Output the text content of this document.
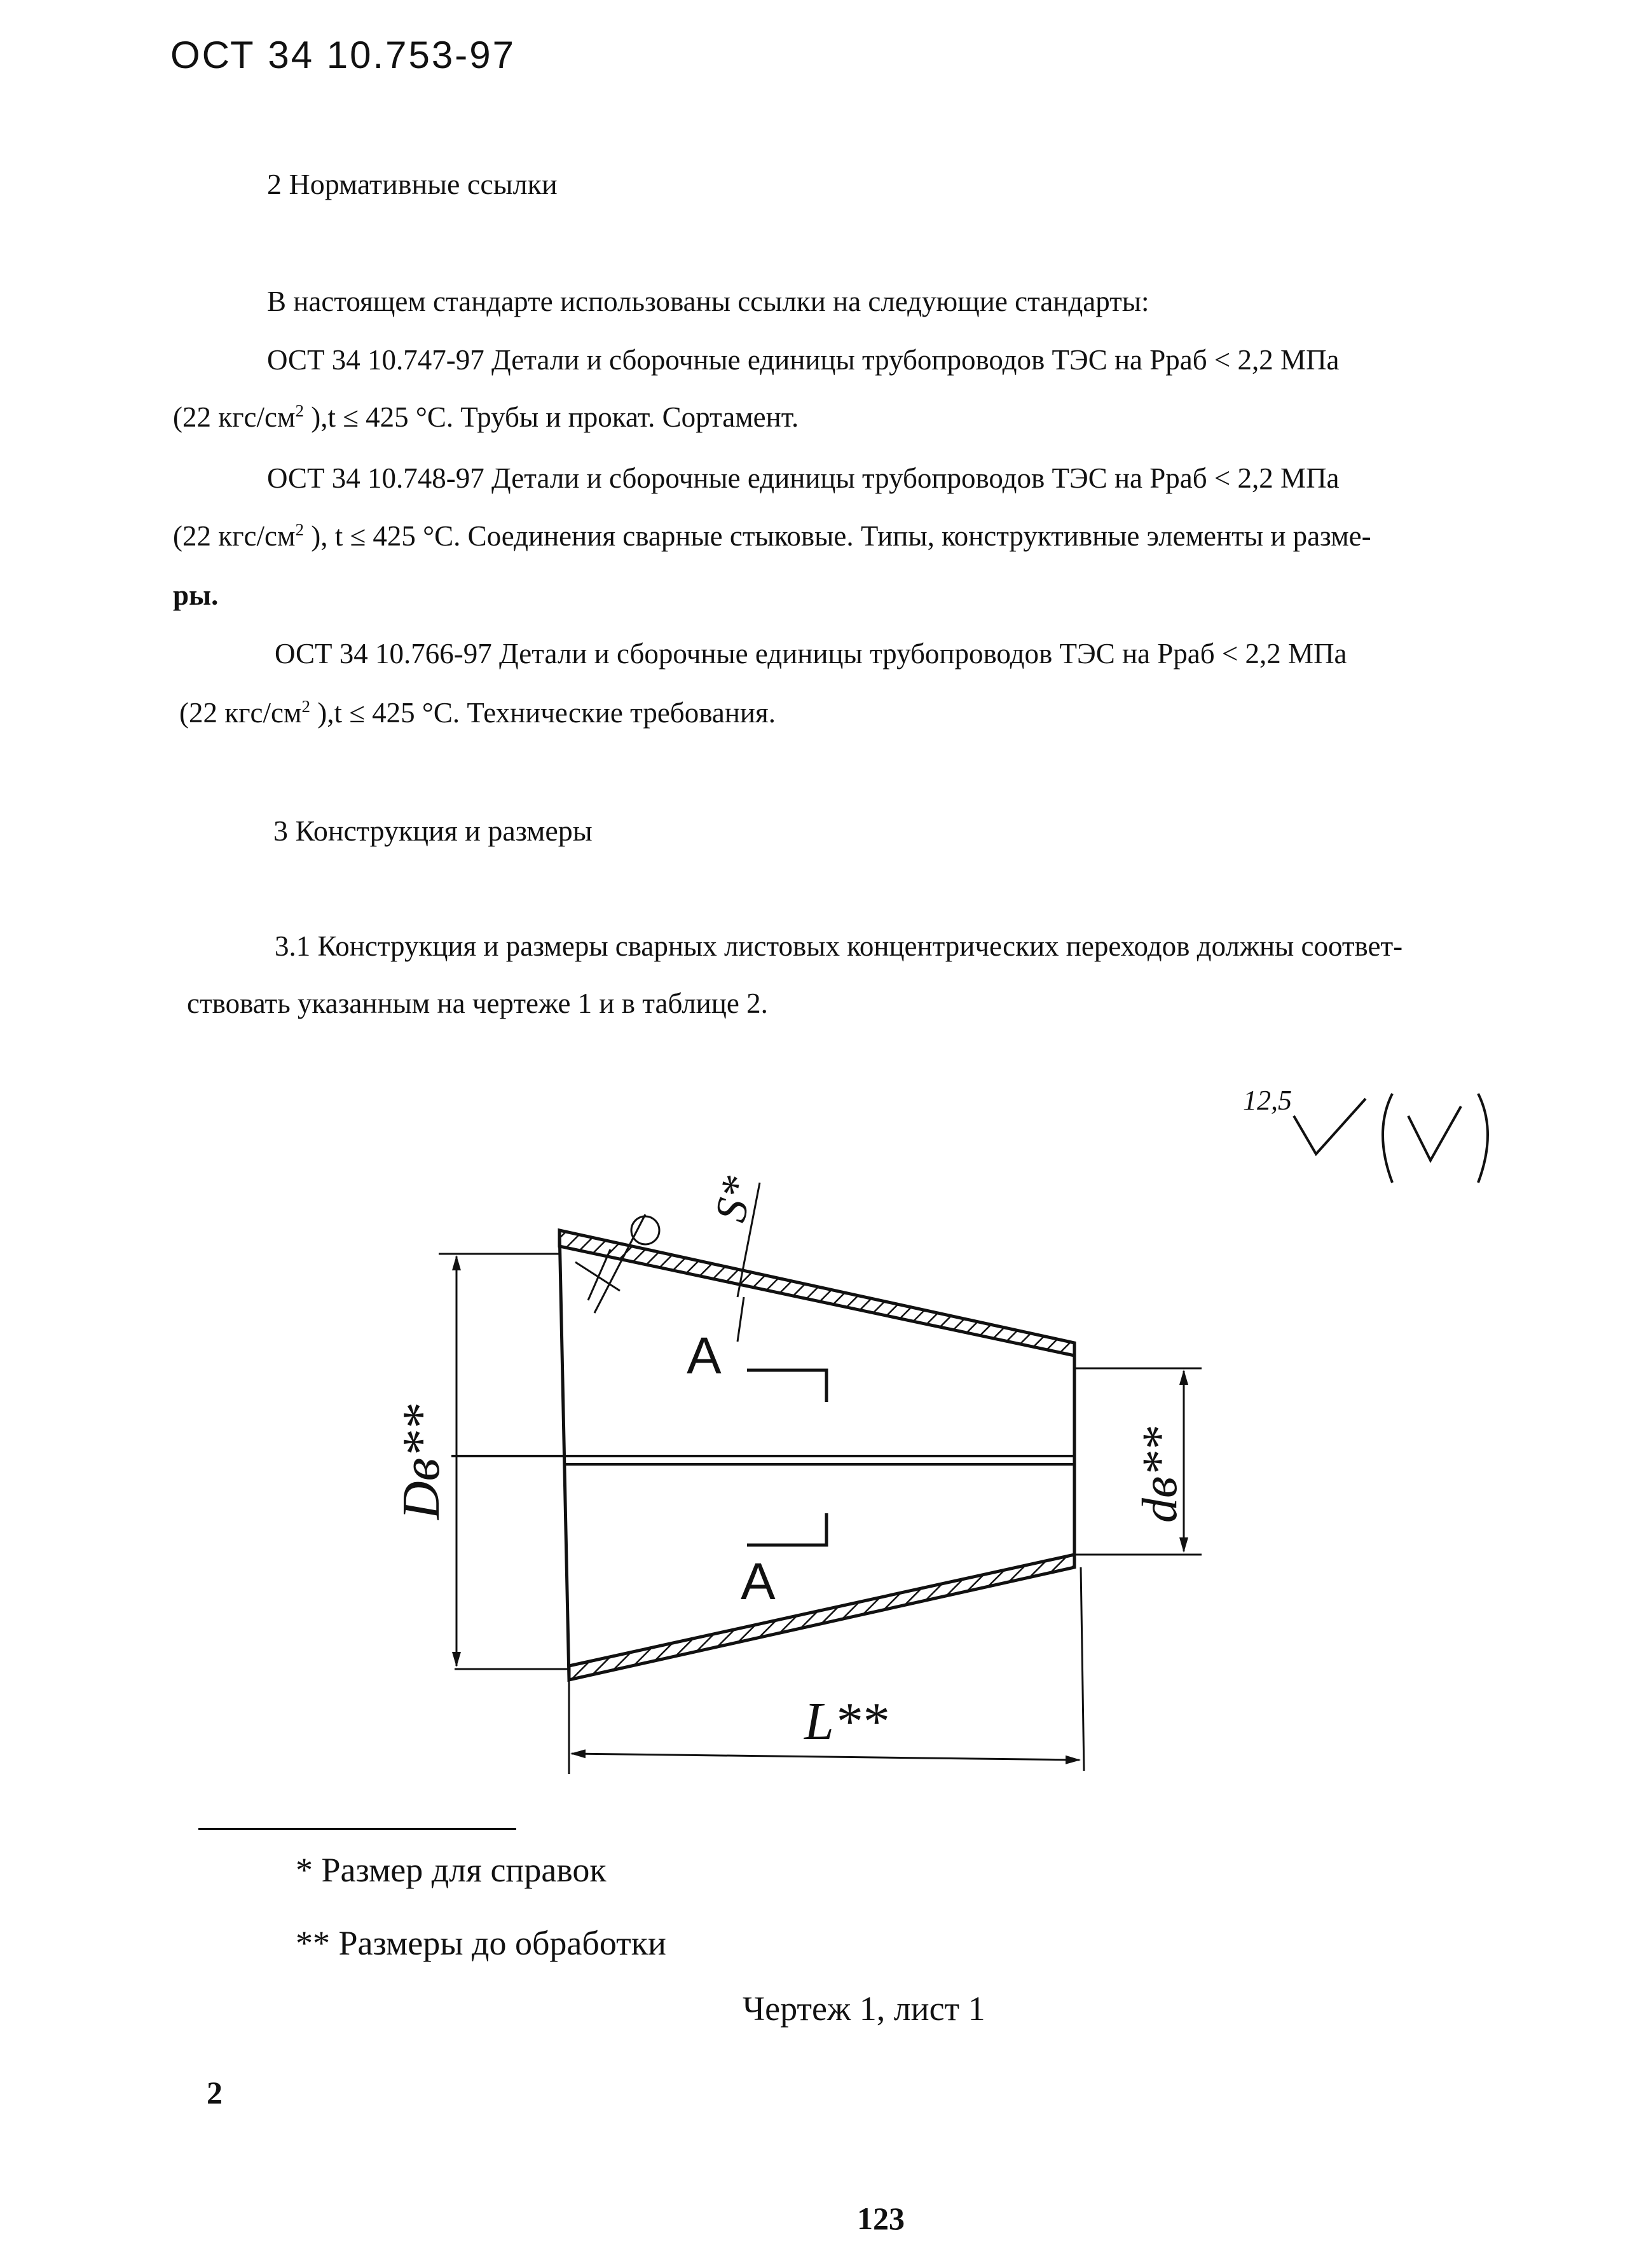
ОСТ 34 10.753-97
2 Нормативные ссылки
В настоящем стандарте использованы ссылки на следующие стандарты:
ОСТ 34 10.747-97 Детали и сборочные единицы трубопроводов ТЭС на Рраб < 2,2 МПа
(22 кгс/$см^2$ ),t ≤ 425 °С. Трубы и прокат. Сортамент.
ОСТ 34 10.748-97 Детали и сборочные единицы трубопроводов ТЭС на Рраб < 2,2 МПа
(22 кгс/$см^2$ ), t ≤ 425 °С. Соединения сварные стыковые. Типы, конструктивные элементы и разме-
ры.
ОСТ 34 10.766-97 Детали и сборочные единицы трубопроводов ТЭС на Рраб < 2,2 МПа
(22 кгс/$см^2$ ),t ≤ 425 °С. Технические требования.
3 Конструкция и размеры
3.1 Конструкция и размеры сварных листовых концентрических переходов должны соответ-
ствовать указанным на чертеже 1 и в таблице 2.
12,5
A
A
L**
Dв**	dв**
S*
* Размер для справок
** Размеры до обработки
Чертеж 1, лист 1
2
123
